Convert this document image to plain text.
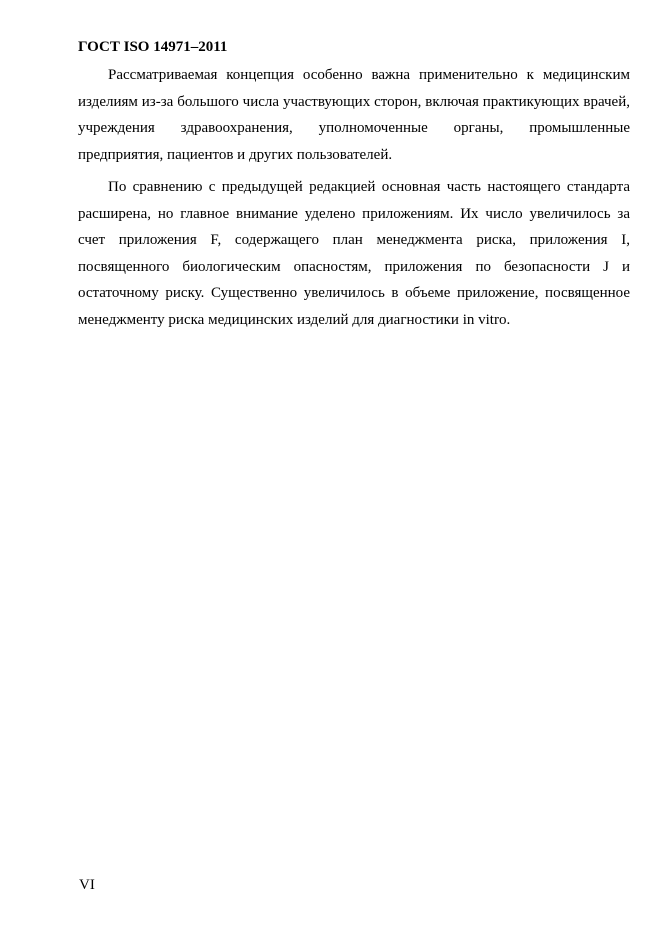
ГОСТ ISO 14971–2011

Рассматриваемая концепция особенно важна применительно к медицинским изделиям из-за большого числа участвующих сторон, включая практикующих врачей, учреждения здравоохранения, уполномоченные органы, промышленные предприятия, пациентов и других пользователей.

По сравнению с предыдущей редакцией основная часть настоящего стандарта расширена, но главное внимание уделено приложениям. Их число увеличилось за счет приложения F, содержащего план менеджмента риска, приложения I, посвященного биологическим опасностям, приложения по безопасности J и остаточному риску. Существенно увеличилось в объеме приложение, посвященное менеджменту риска медицинских изделий для диагностики in vitro.

VI
